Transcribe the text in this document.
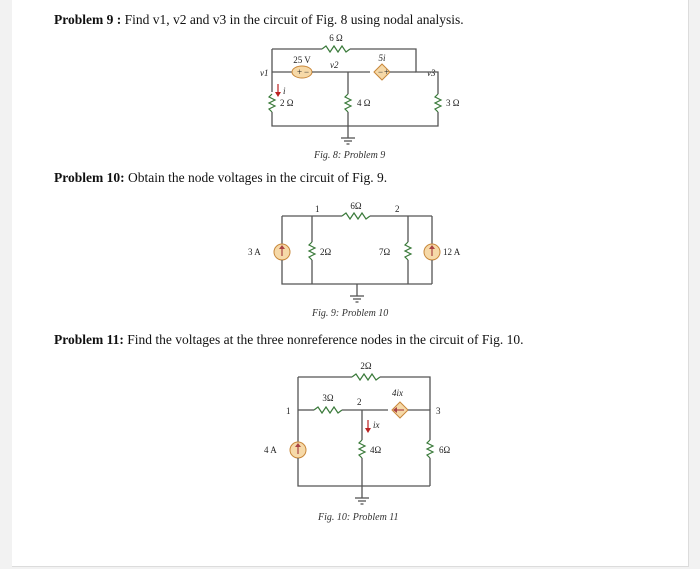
Problem 9 : Find v1, v2 and v3 in the circuit of Fig. 8 using nodal analysis.
6 Ω
+ −
25 V
− +
5i
v1
v2
v3
i
2 Ω	4 Ω	3 Ω
Fig. 8: Problem 9
Problem 10: Obtain the node voltages in the circuit of Fig. 9.
1	2
6Ω
3 A	2Ω	7Ω	12 A
Fig. 9: Problem 10
Problem 11: Find the voltages at the three nonreference nodes in the circuit of Fig. 10.
2Ω
1
2
3
3Ω	4ix
4 A
ix
4Ω	6Ω
Fig. 10: Problem 11
